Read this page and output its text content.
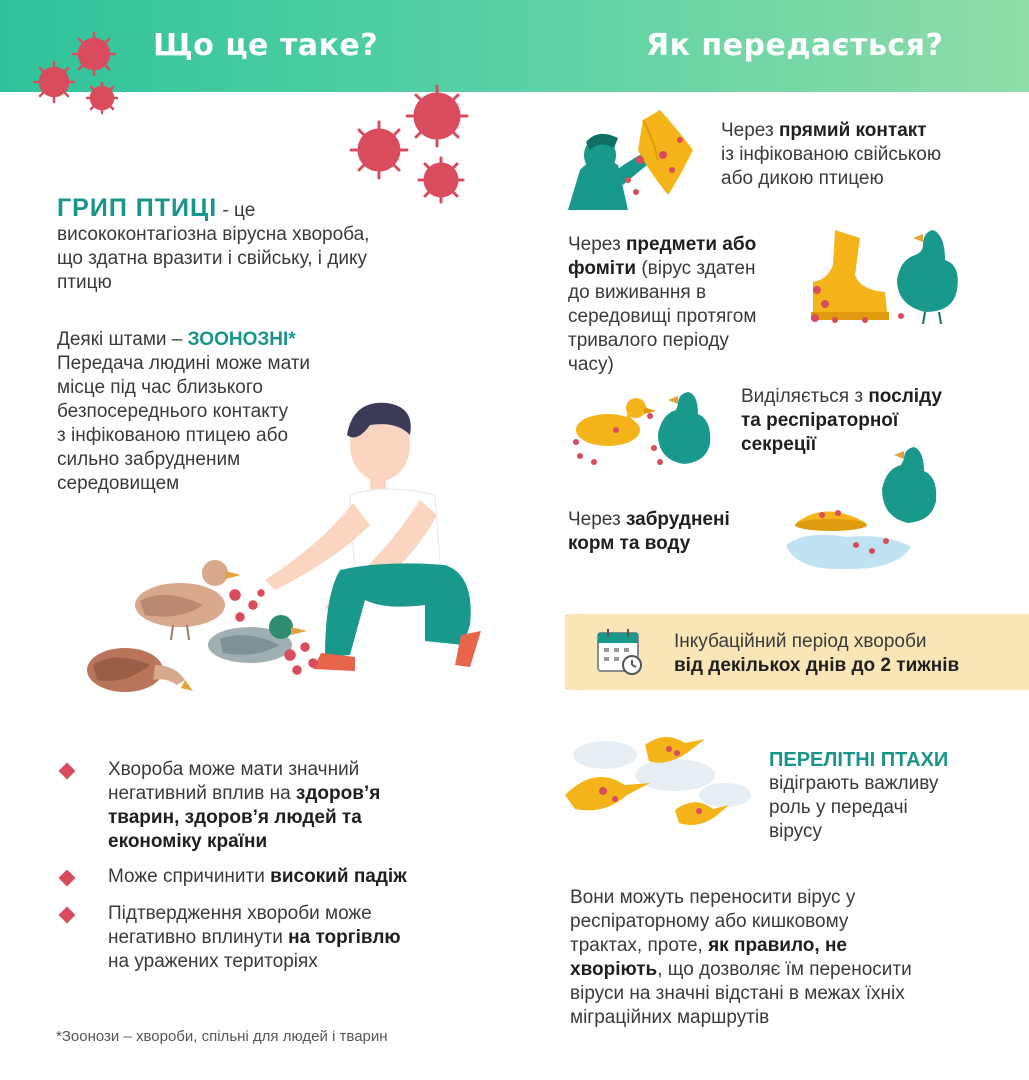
Що це таке?	Як передається?
ГРИП ПТИЦІ - це
висококонтагіозна вірусна хвороба,
що здатна вразити і свійську, і дику
птицю
Деякі штами – ЗООНОЗНІ*
Передача людині може мати
місце під час близького
безпосереднього контакту
з інфікованою птицею або
сильно забрудненим
середовищем
Хвороба може мати значний
негативний вплив на здоров’я
тварин, здоров’я людей та
економіку країни
Може спричинити високий падіж
Підтвердження хвороби може
негативно вплинути на торгівлю
на уражених територіях
*Зоонози – хвороби, спільні для людей і тварин
Через прямий контакт
із інфікованою свійською
або дикою птицею
Через предмети або
фоміти (вірус здатен
до виживання в
середовищі протягом
тривалого періоду
часу)
Виділяється з послiду
та респіраторної
секреції
Через забруднені
корм та воду
Інкубаційний період хвороби
від декількох днів до 2 тижнів
ПЕРЕЛІТНІ ПТАХИ
відіграють важливу
роль у передачі
вірусу
Вони можуть переносити вірус у
респіраторному або кишковому
трактах, проте, як правило, не
хворіють, що дозволяє їм переносити
віруси на значні відстані в межах їхніх
міграційних маршрутів
